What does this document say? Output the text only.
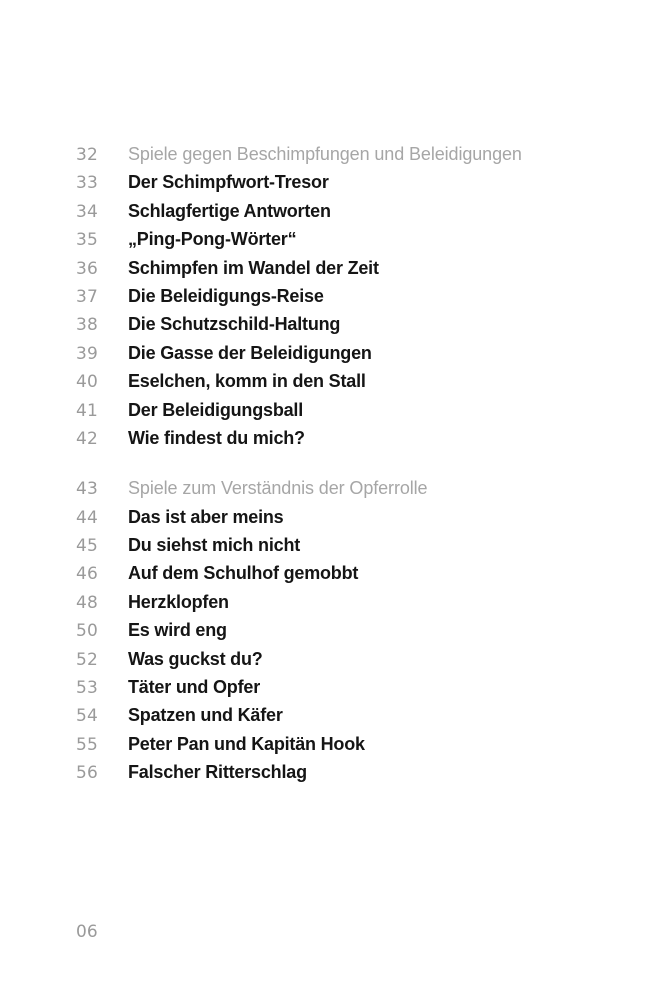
32	Spiele gegen Beschimpfungen und Beleidigungen
33	Der Schimpfwort-Tresor
34	Schlagfertige Antworten
35	„Ping-Pong-Wörter“
36	Schimpfen im Wandel der Zeit
37	Die Beleidigungs-Reise
38	Die Schutzschild-Haltung
39	Die Gasse der Beleidigungen
40	Eselchen, komm in den Stall
41	Der Beleidigungsball
42	Wie findest du mich?
43	Spiele zum Verständnis der Opferrolle
44	Das ist aber meins
45	Du siehst mich nicht
46	Auf dem Schulhof gemobbt
48	Herzklopfen
50	Es wird eng
52	Was guckst du?
53	Täter und Opfer
54	Spatzen und Käfer
55	Peter Pan und Kapitän Hook
56	Falscher Ritterschlag
06
